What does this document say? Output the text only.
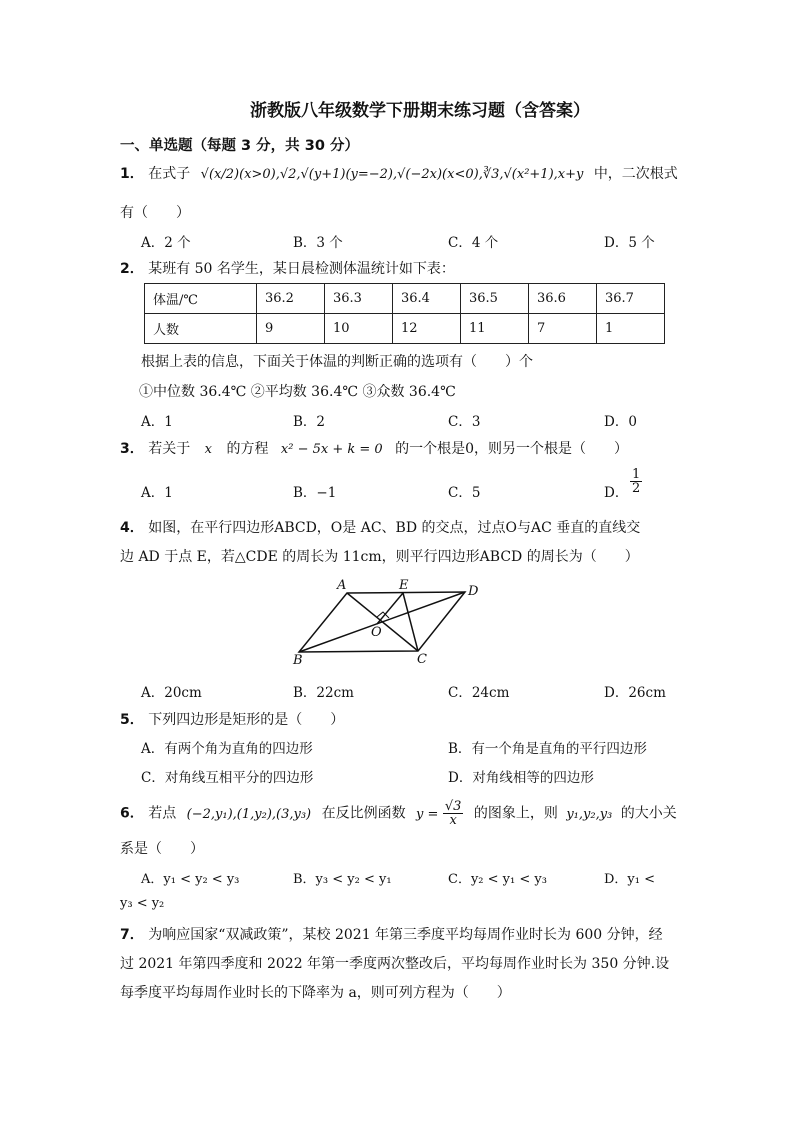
浙教版八年级数学下册期末练习题（含答案）
一、单选题（每题 3 分，共 30 分）
1． 在式子 √(x/2)(x>0),√2,√(y+1)(y=−2),√(−2x)(x<0),∛3,√(x²+1),x+y 中，二次根式
有（　　）
A．2 个	B．3 个	C．4 个	D．5 个
2． 某班有 50 名学生，某日晨检测体温统计如下表：
体温/℃	36.2	36.3	36.4	36.5	36.6	36.7
人数	9	10	12	11	7	1
根据上表的信息，下面关于体温的判断正确的选项有（　　）个
①中位数 36.4℃ ②平均数 36.4℃ ③众数 36.4℃
A．1	B．2	C．3	D．0
3． 若关于 x 的方程 x² − 5x + k = 0 的一个根是0，则另一个根是（　　）
A．1	B．−1	C．5	D． $\frac{1}{2}$
4． 如图，在平行四边形ABCD，O是 AC、BD 的交点，过点O与AC 垂直的直线交
边 AD 于点 E，若△CDE 的周长为 11cm，则平行四边形ABCD 的周长为（　　）
A	E	D
O
B	C
A．20cm	B．22cm	C．24cm	D．26cm
5． 下列四边形是矩形的是（　　）
A．有两个角为直角的四边形	B．有一个角是直角的平行四边形
C．对角线互相平分的四边形	D．对角线相等的四边形
6． 若点 (−2,y₁),(1,y₂),(3,y₃) 在反比例函数 $y = \frac{√3}{x}$ 的图象上，则 y₁,y₂,y₃ 的大小关
系是（　　）
A．y₁ < y₂ < y₃	B．y₃ < y₂ < y₁	C．y₂ < y₁ < y₃	D．y₁ <
y₃ < y₂
7． 为响应国家“双减政策”，某校 2021 年第三季度平均每周作业时长为 600 分钟，经
过 2021 年第四季度和 2022 年第一季度两次整改后，平均每周作业时长为 350 分钟.设
每季度平均每周作业时长的下降率为 a，则可列方程为（　　）
